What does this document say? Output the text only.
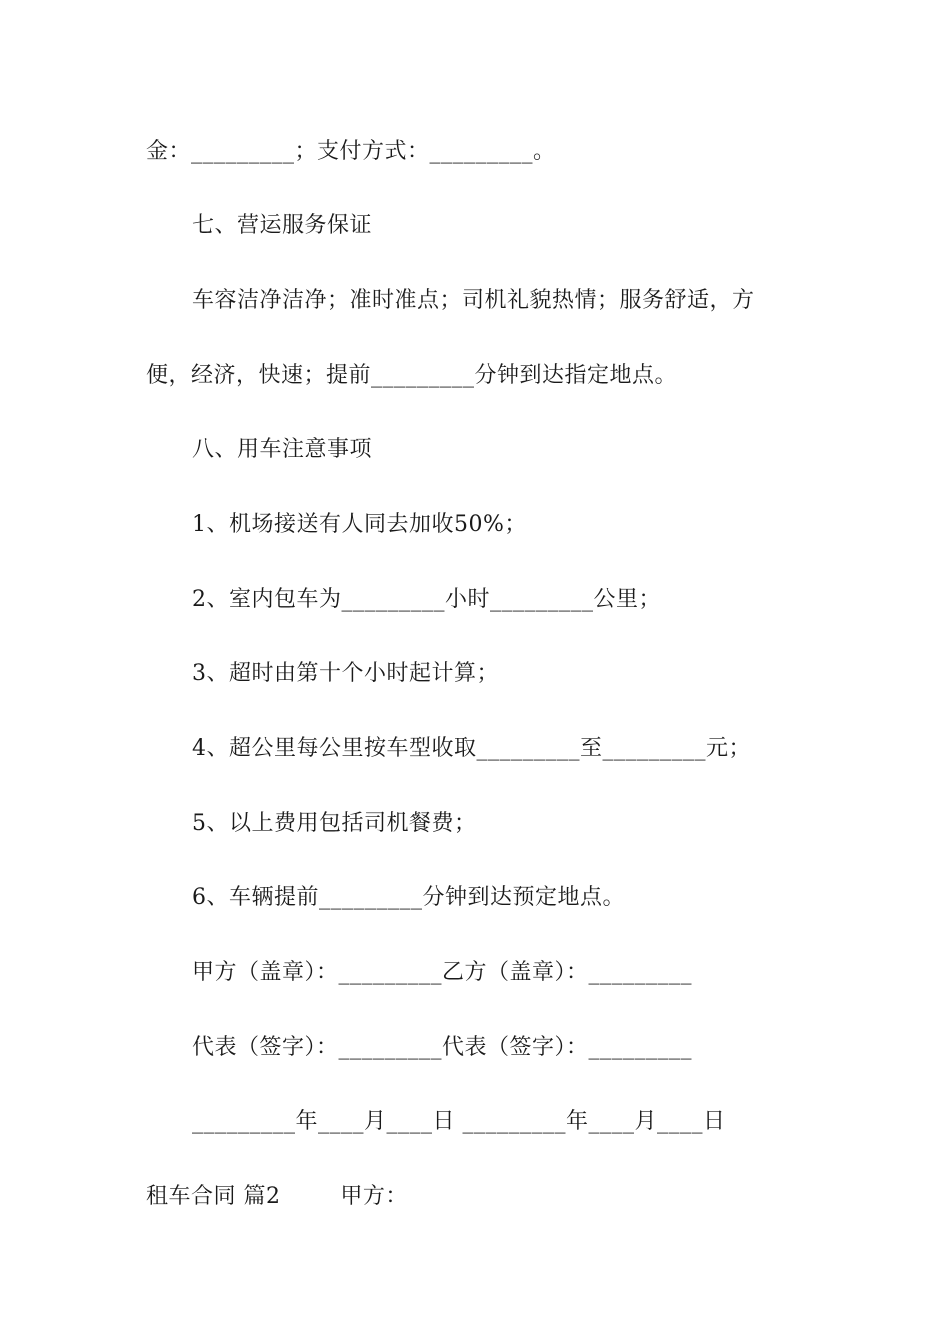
金：_________；支付方式：_________。
七、营运服务保证
车容洁净洁净；准时准点；司机礼貌热情；服务舒适，方
便，经济，快速；提前_________分钟到达指定地点。
八、用车注意事项
1、机场接送有人同去加收50%；
2、室内包车为_________小时_________公里；
3、超时由第十个小时起计算；
4、超公里每公里按车型收取_________至_________元；
5、以上费用包括司机餐费；
6、车辆提前_________分钟到达预定地点。
甲方（盖章）：_________乙方（盖章）：_________
代表（签字）：_________代表（签字）：_________
_________年____月____日 _________年____月____日
租车合同 篇2        甲方：
